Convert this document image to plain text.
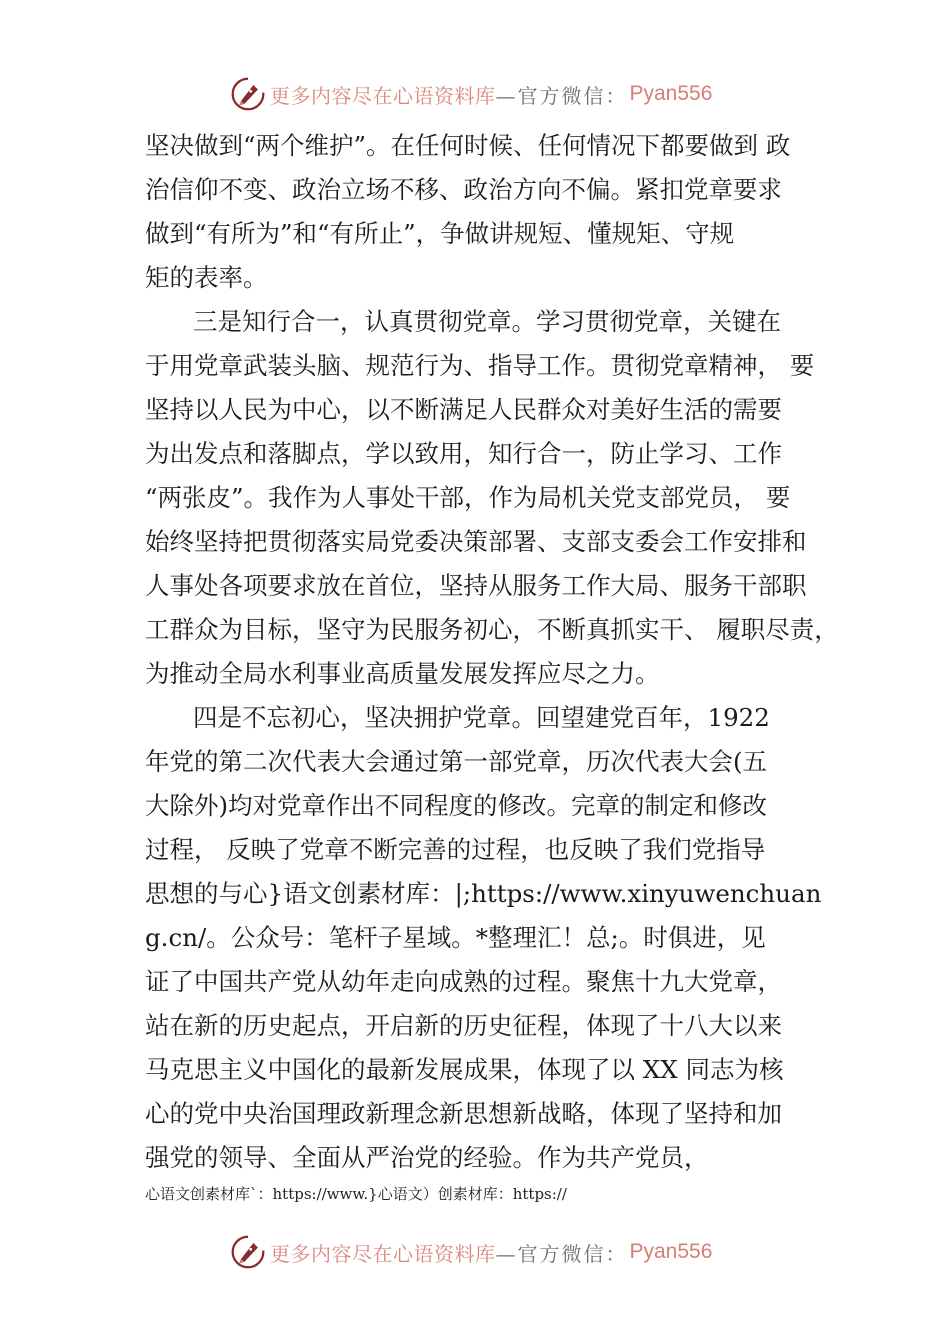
更多内容尽在心语资料库 —官方微信： Pyan556
坚决做到“两个维护”。在任何时候、任何情况下都要做到 政
治信仰不变、政治立场不移、政治方向不偏。紧扣党章要求
做到“有所为”和“有所止”，争做讲规短、懂规矩、守规
矩的表率。
三是知行合一，认真贯彻党章。学习贯彻党章，关键在
于用党章武装头脑、规范行为、指导工作。贯彻党章精神， 要
坚持以人民为中心，以不断满足人民群众对美好生活的需要
为出发点和落脚点，学以致用，知行合一，防止学习、工作
“两张皮”。我作为人事处干部，作为局机关党支部党员， 要
始终坚持把贯彻落实局党委决策部署、支部支委会工作安排和
人事处各项要求放在首位，坚持从服务工作大局、服务干部职
工群众为目标，坚守为民服务初心，不断真抓实干、 履职尽责，
为推动全局水利事业高质量发展发挥应尽之力。
四是不忘初心，坚决拥护党章。回望建党百年，1922
年党的第二次代表大会通过第一部党章，历次代表大会(五
大除外)均对党章作出不同程度的修改。完章的制定和修改
过程， 反映了党章不断完善的过程，也反映了我们党指导
思想的与心}语文创素材库：|;https://www.xinyuwenchuan
g.cn/。公众号：笔杆子星域。*整理汇！总;。时俱进，见
证了中国共产党从幼年走向成熟的过程。聚焦十九大党章，
站在新的历史起点，开启新的历史征程，体现了十八大以来
马克思主义中国化的最新发展成果，体现了以 XX 同志为核
心的党中央治国理政新理念新思想新战略，体现了坚持和加
强党的领导、全面从严治党的经验。作为共产党员，
心语文创素材库`：https://www.}心语文）创素材库：https://
更多内容尽在心语资料库 —官方微信： Pyan556
